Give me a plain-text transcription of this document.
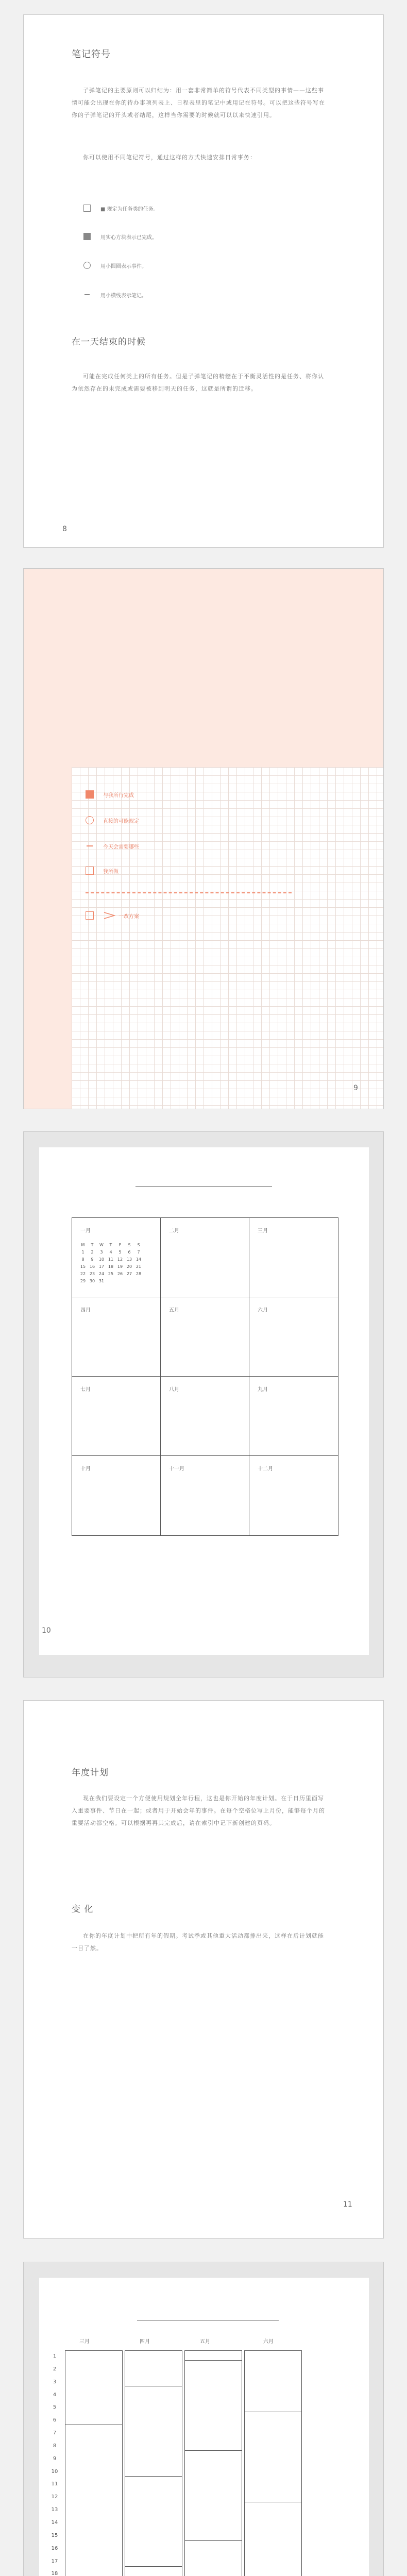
笔记符号
子弹笔记的主要原则可以归结为：用一套非常简单的符号代表不同类型的事情——这些事情可能会出现在你的待办事项列表上、日程表里的笔记中或用记在符号。可以把这些符号写在你的子弹笔记的开头或者结尾，这样当你需要的时候就可以以来快速引用。
你可以使用不同笔记符号，通过这样的方式快速安排日常事务：
■ 规定为任务类的任务。
用实心方块表示已完成。
用小圆圈表示事件。
用小横线表示笔记。
在一天结束的时候
可能在完成任何类上的所有任务。但是子弹笔记的精髓在于平衡灵活性的是任务、将你认为依然存在的未完成或需要被移到明天的任务，这就是所谓的迁移。
8
与我所行完成
直接的可能规定
今天会需要哪些
我所做
一改方案
9
一月
M	T	W	T	F	S	S
1	2	3	4	5	6	7
8	9	10 11 12 13 14
15 16 17 18 19 20 21
22 23 24 25 26 27 28
29 30 31
二月	三月
四月	五月	六月
七月	八月	九月
十月	十一月	十二月
10
年度计划
现在我们要设定一个方便使用规划全年行程，这也是你开始的年度计划。在于日历里面写入重要事件、节日在一起；或者用于开始会年的事件。在每个空格位写上月份，能够每个月的重要活动都空格。可以根据再再其完成后，请在索引中记下新创建的页码。
变 化
在你的年度计划中把所有年的假期。考试季或其他重大活动都排出来，这样在后计划就能一目了然。
11
三月	四月	五月	六月
1
2
3
4
5
6
7
8
9
10
11
12
13
14
15
16
17
18
